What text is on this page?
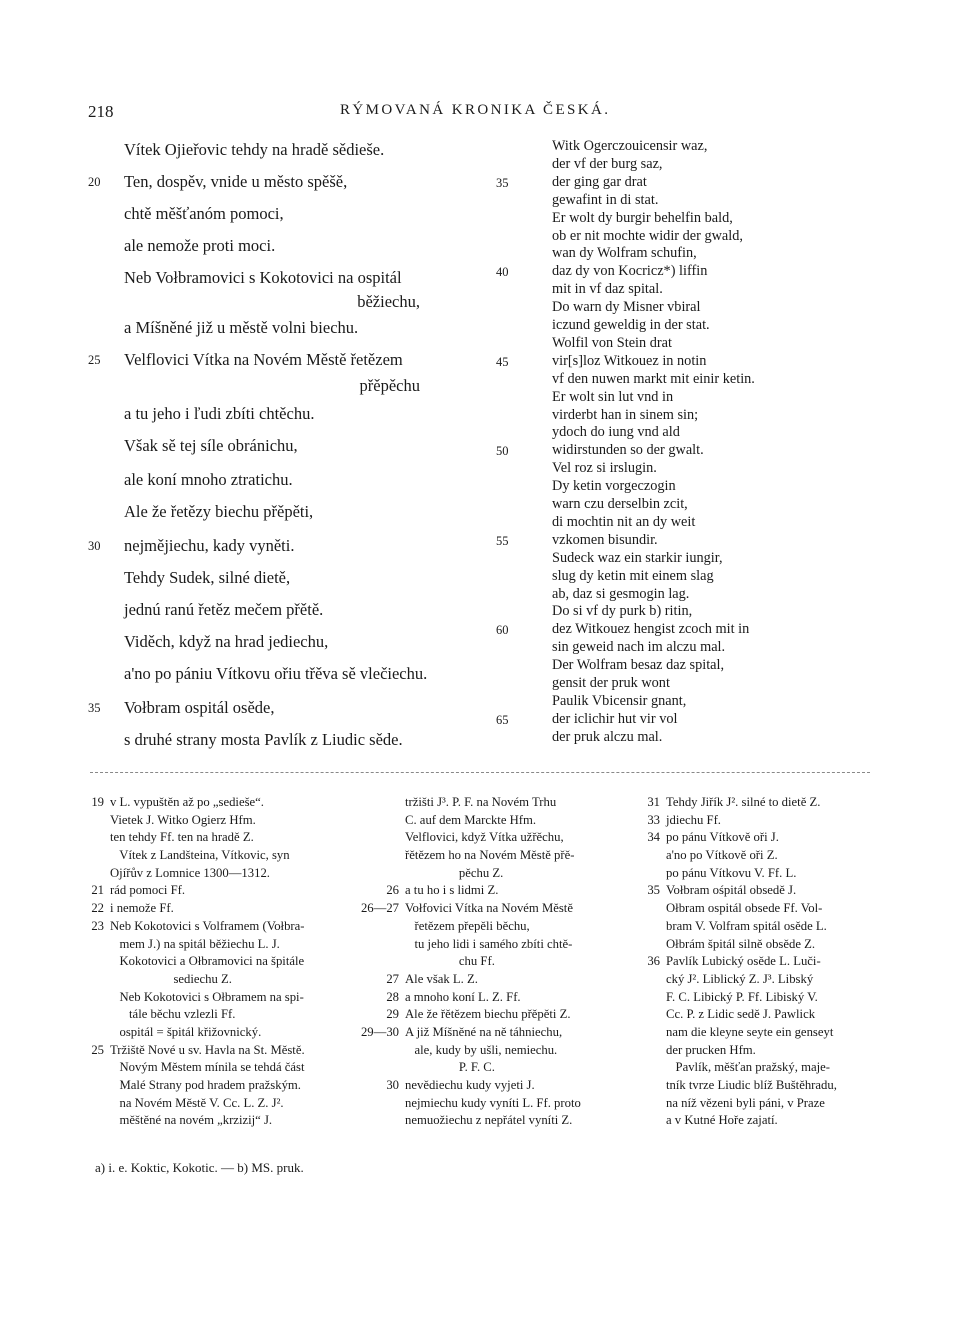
218	RÝMOVANÁ KRONIKA ČESKÁ.
Vítek Ojieřovic tehdy na hradě sědieše.
Ten, dospěv, vnide u město spěšě,
20
chtě měšťanóm pomoci,
ale nemože proti moci.
Neb Vołbramovici s Kokotovici na ospitál
běžiechu,
a Míšněné již u městě volni biechu.
Velflovici Vítka na Novém Městě řetězem
25
přěpěchu
a tu jeho i ľudi zbíti chtěchu.
Však sě tej síle obránichu,
ale koní mnoho ztratichu.
Ale že řetězy biechu přěpěti,
nejmějiechu, kady vyněti.
30
Tehdy Sudek, silné dietě,
jednú ranú řetěz mečem přětě.
Viděch, když na hrad jediechu,
a'no po pániu Vítkovu ořiu třěva sě vlečiechu.
Vołbram ospitál osěde,
35
s druhé strany mosta Pavlík z Liudic sěde.
Witk Ogerczouicensir waz,
der vf der burg saz,
der ging gar drat
35
gewafint in di stat.
Er wolt dy burgir behelfin bald,
ob er nit mochte widir der gwald,
wan dy Wolfram schufin,
daz dy von Kocricz*) liffin
40
mit in vf daz spital.
Do warn dy Misner vbiral
iczund geweldig in der stat.
Wolfil von Stein drat
vir[s]loz Witkouez in notin
45
vf den nuwen markt mit einir ketin.
Er wolt sin lut vnd in
virderbt han in sinem sin;
ydoch do iung vnd ald
widirstunden so der gwalt.
50
Vel roz si irslugin.
Dy ketin vorgeczogin
warn czu derselbin zcit,
di mochtin nit an dy weit
vzkomen bisundir.
55
Sudeck waz ein starkir iungir,
slug dy ketin mit einem slag
ab, daz si gesmogin lag.
Do si vf dy purk b) ritin,
dez Witkouez hengist zcoch mit in
60
sin geweid nach im alczu mal.
Der Wolfram besaz daz spital,
gensit der pruk wont
Paulik Vbicensir gnant,
der iclichir hut vir vol
65
der pruk alczu mal.
19 v L. vypuštěn až po „sedieše“.
Vietek J. Witko Ogierz Hfm.
ten tehdy Ff. ten na hradě Z.
Vítek z Landšteina, Vítkovic, syn
Ojířův z Lomnice 1300—1312.
21 rád pomoci Ff.
22 i nemože Ff.
23 Neb Kokotovici s Volframem (Vołbra-
mem J.) na spitál běžiechu L. J.
Kokotovici a Ołbramovici na špitále
sediechu Z.
Neb Kokotovici s Ołbramem na spi-
tále běchu vzlezli Ff.
ospitál = špitál křižovnický.
25 Tržiště Nové u sv. Havla na St. Městě.
Novým Městem mínila se tehdá část
Malé Strany pod hradem pražským.
na Novém Městě V. Cc. L. Z. J².
měštěné na novém „krzizij“ J.
tržišti J³. P. F. na Novém Trhu
C. auf dem Marckte Hfm.
Velflovici, když Vítka užřěchu,
řětězem ho na Novém Městě přě-
pěchu Z.
26 a tu ho i s lidmi Z.
26—27 Vołfovici Vítka na Novém Městě
řetězem přepěli běchu,
tu jeho lidi i samého zbíti chtě-
chu Ff.
27 Ale však L. Z.
28 a mnoho koní L. Z. Ff.
29 Ale že řětězem biechu přěpěti Z.
29—30 A již Míšněné na ně táhniechu,
ale, kudy by ušli, nemiechu.
P. F. C.
30 nevědiechu kudy vyjeti J.
nejmiechu kudy vyníti L. Ff. proto
nemuožiechu z nepřátel vyníti Z.
31 Tehdy Jiřík J². silné to dietě Z.
33 jdiechu Ff.
34 po pánu Vítkově oři J.
a'no po Vítkově oři Z.
po pánu Vítkovu V. Ff. L.
35 Vołbram ośpitál obsedě J.
Ołbram ospitál obsede Ff. Vol-
bram V. Volfram spitál osěde L.
Ołbrám špitál silně obsěde Z.
36 Pavlík Lubický osěde L. Luči-
cký J². Liblický Z. J³. Libský
F. C. Libický P. Ff. Libiský V.
Cc. P. z Lidic sedě J. Pawlick
nam die kleyne seyte ein genseyt
der prucken Hfm.
Pavlík, měšťan pražský, maje-
tník tvrze Liudic blíž Buštěhradu,
na níž vězeni byli páni, v Praze
a v Kutné Hoře zajatí.
a) i. e. Koktic, Kokotic. — b) MS. pruk.
